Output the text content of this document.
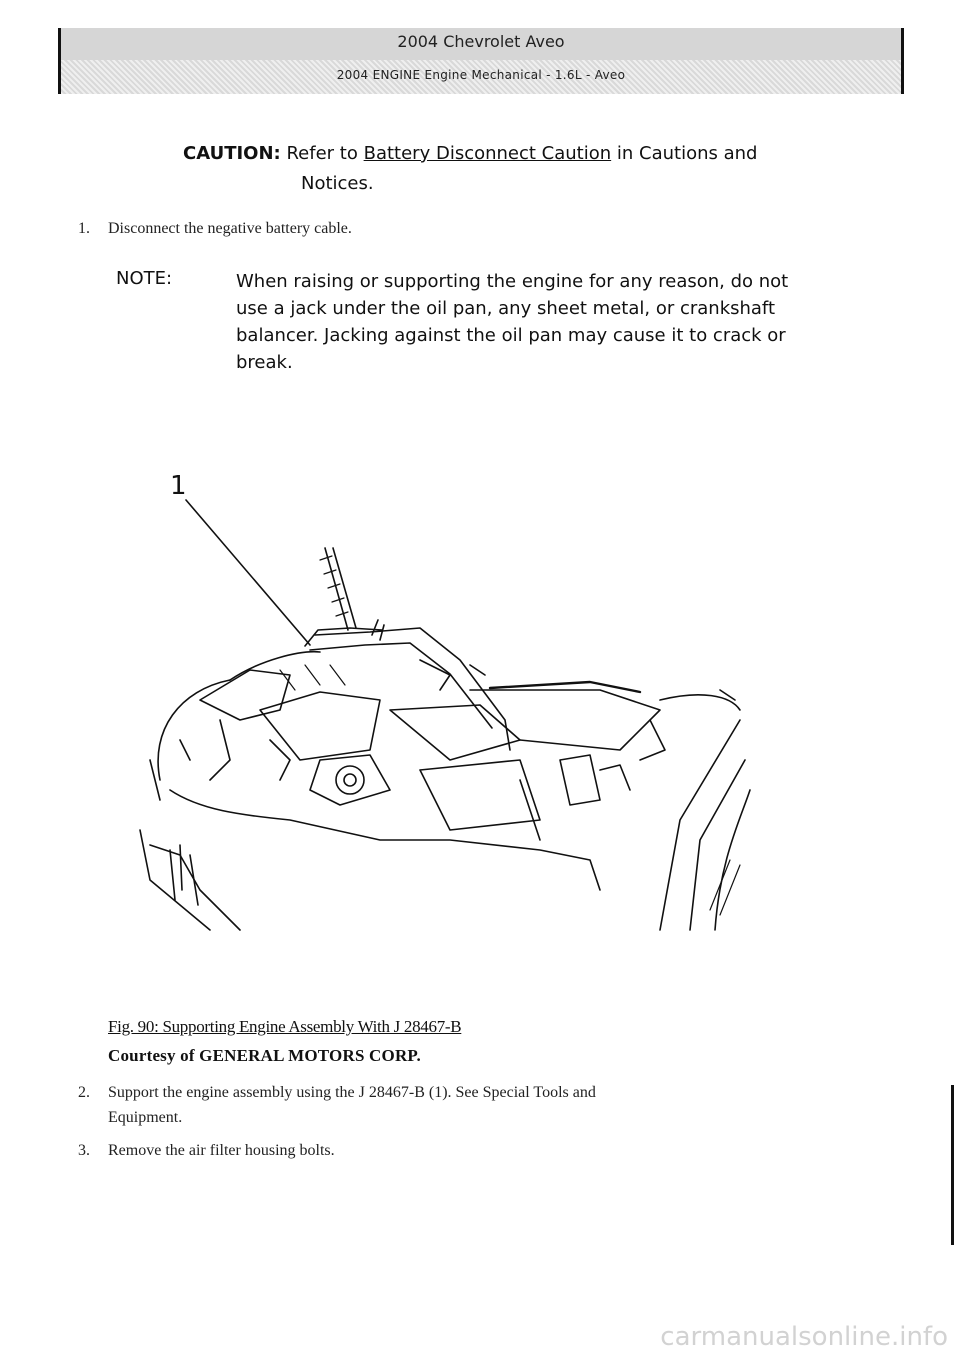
2004 Chevrolet Aveo
2004 ENGINE Engine Mechanical - 1.6L - Aveo
CAUTION: Refer to Battery Disconnect Caution in Cautions and
Notices.
1. Disconnect the negative battery cable.
NOTE:	When raising or supporting the engine for any reason, do not
use a jack under the oil pan, any sheet metal, or crankshaft
balancer. Jacking against the oil pan may cause it to crack or
break.
1
Fig. 90: Supporting Engine Assembly With J 28467-B
Courtesy of GENERAL MOTORS CORP.
2. Support the engine assembly using the J 28467-B (1). See Special Tools and
Equipment.
3. Remove the air filter housing bolts.
carmanualsonline.info
